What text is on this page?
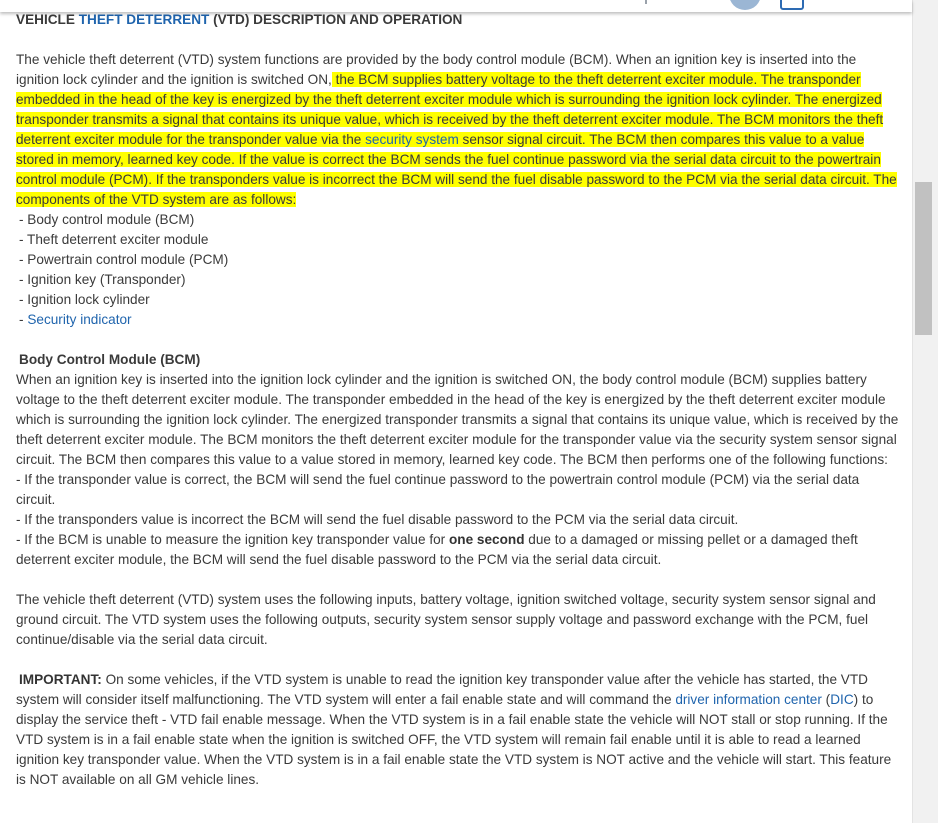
VEHICLE THEFT DETERRENT (VTD) DESCRIPTION AND OPERATION

The vehicle theft deterrent (VTD) system functions are provided by the body control module (BCM). When an ignition key is inserted into the ignition lock cylinder and the ignition is switched ON, the BCM supplies battery voltage to the theft deterrent exciter module. The transponder embedded in the head of the key is energized by the theft deterrent exciter module which is surrounding the ignition lock cylinder. The energized transponder transmits a signal that contains its unique value, which is received by the theft deterrent exciter module. The BCM monitors the theft deterrent exciter module for the transponder value via the security system sensor signal circuit. The BCM then compares this value to a value stored in memory, learned key code. If the value is correct the BCM sends the fuel continue password via the serial data circuit to the powertrain control module (PCM). If the transponders value is incorrect the BCM will send the fuel disable password to the PCM via the serial data circuit. The components of the VTD system are as follows:

- Body control module (BCM)
- Theft deterrent exciter module
- Powertrain control module (PCM)
- Ignition key (Transponder)
- Ignition lock cylinder
- Security indicator
Body Control Module (BCM)

When an ignition key is inserted into the ignition lock cylinder and the ignition is switched ON, the body control module (BCM) supplies battery voltage to the theft deterrent exciter module. The transponder embedded in the head of the key is energized by the theft deterrent exciter module which is surrounding the ignition lock cylinder. The energized transponder transmits a signal that contains its unique value, which is received by the theft deterrent exciter module. The BCM monitors the theft deterrent exciter module for the transponder value via the security system sensor signal circuit. The BCM then compares this value to a value stored in memory, learned key code. The BCM then performs one of the following functions:

- If the transponder value is correct, the BCM will send the fuel continue password to the powertrain control module (PCM) via the serial data circuit.

- If the transponders value is incorrect the BCM will send the fuel disable password to the PCM via the serial data circuit.

- If the BCM is unable to measure the ignition key transponder value for one second due to a damaged or missing pellet or a damaged theft deterrent exciter module, the BCM will send the fuel disable password to the PCM via the serial data circuit.

The vehicle theft deterrent (VTD) system uses the following inputs, battery voltage, ignition switched voltage, security system sensor signal and ground circuit. The VTD system uses the following outputs, security system sensor supply voltage and password exchange with the PCM, fuel continue/disable via the serial data circuit.

IMPORTANT: On some vehicles, if the VTD system is unable to read the ignition key transponder value after the vehicle has started, the VTD system will consider itself malfunctioning. The VTD system will enter a fail enable state and will command the driver information center (DIC) to display the service theft - VTD fail enable message. When the VTD system is in a fail enable state the vehicle will NOT stall or stop running. If the VTD system is in a fail enable state when the ignition is switched OFF, the VTD system will remain fail enable until it is able to read a learned ignition key transponder value. When the VTD system is in a fail enable state the VTD system is NOT active and the vehicle will start. This feature is NOT available on all GM vehicle lines.
